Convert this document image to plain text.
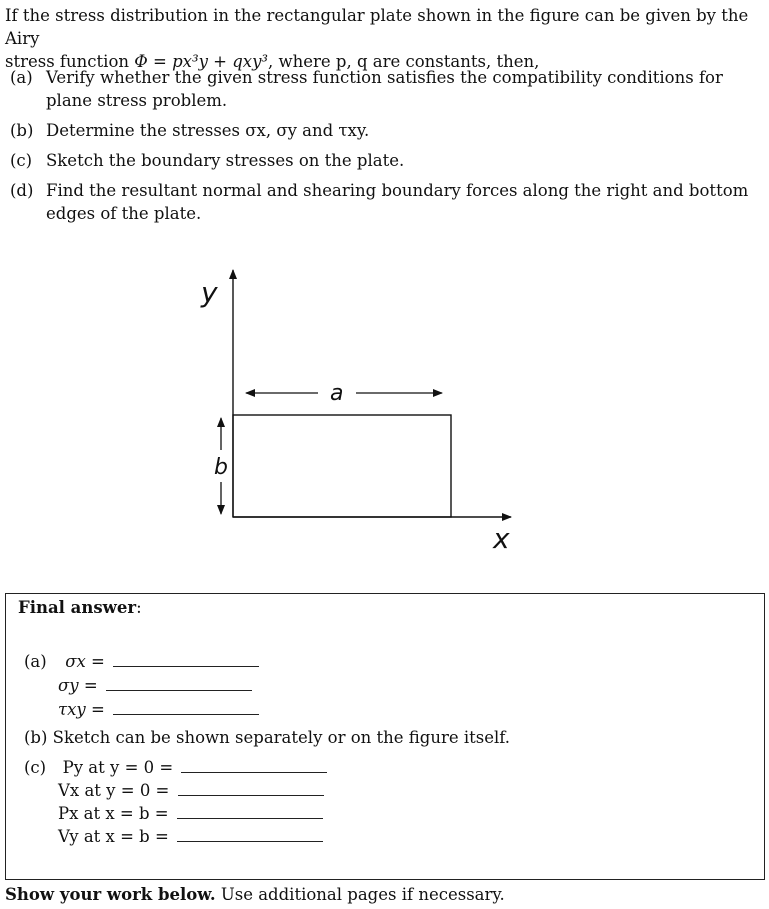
If the stress distribution in the rectangular plate shown in the figure can be given by the Airy
stress function Φ = px³y + qxy³, where p, q are constants, then,
(a) Verify whether the given stress function satisfies the compatibility conditions for plane stress problem.
(b) Determine the stresses σx, σy and τxy.
(c) Sketch the boundary stresses on the plate.
(d) Find the resultant normal and shearing boundary forces along the right and bottom edges of the plate.
y
x
a
b
Final answer:
(a) σx =
σy =
τxy =
(b) Sketch can be shown separately or on the figure itself.
(c) Py at y = 0 =
Vx at y = 0 =
Px at x = b =
Vy at x = b =
Show your work below. Use additional pages if necessary.
